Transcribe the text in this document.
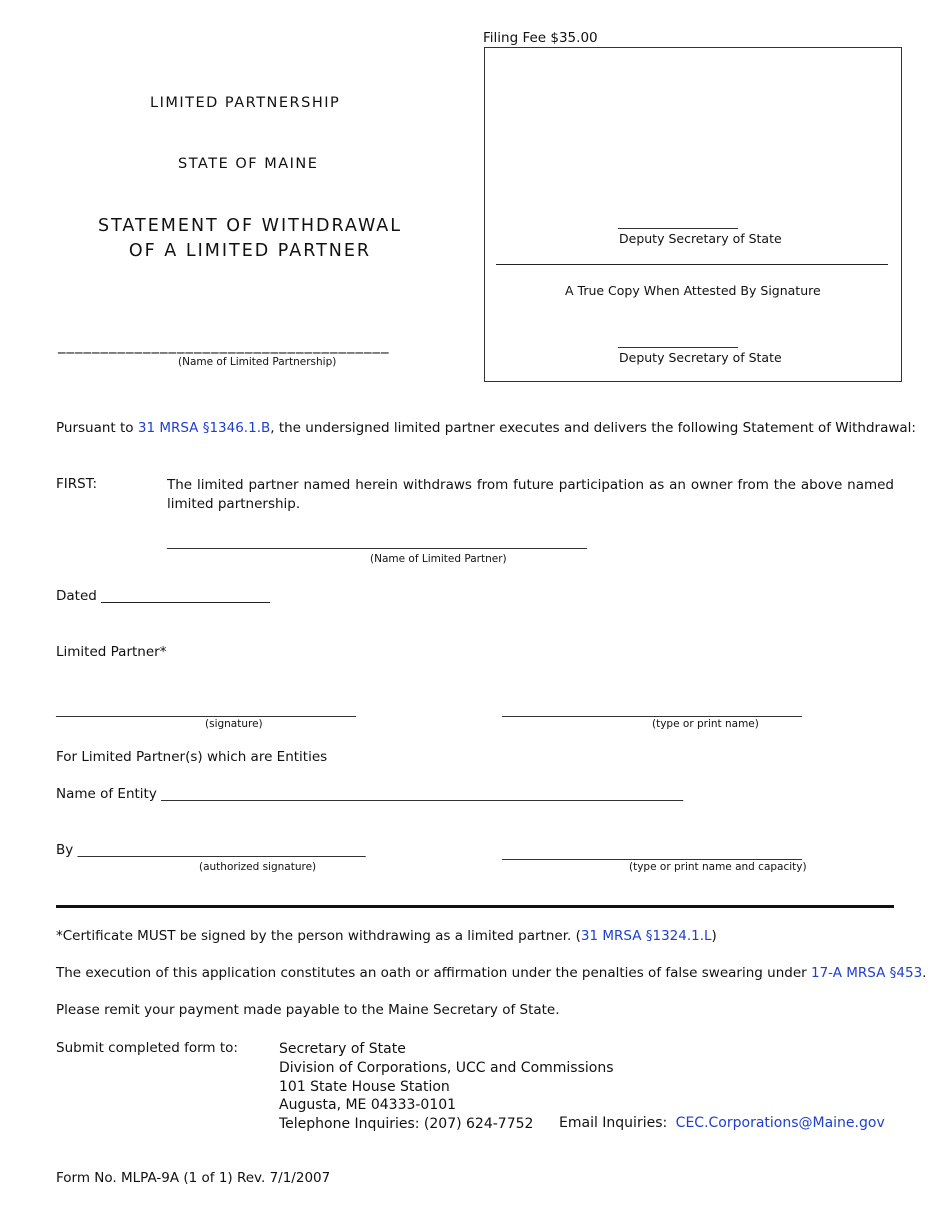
Filing Fee $35.00
LIMITED PARTNERSHIP
STATE OF MAINE
STATEMENT OF WITHDRAWAL
OF A LIMITED PARTNER
_______________________________________
(Name of Limited Partnership)
____________________
Deputy Secretary of State
A True Copy When Attested By Signature
____________________
Deputy Secretary of State
Pursuant to 31 MRSA §1346.1.B, the undersigned limited partner executes and delivers the following Statement of Withdrawal:
FIRST:	The limited partner named herein withdraws from future participation as an owner from the above named limited partnership.
______________________________________________________________________
(Name of Limited Partner)
Dated _________________________
Limited Partner*
__________________________________________________
(signature)
__________________________________________________
(type or print name)
For Limited Partner(s) which are Entities
Name of Entity _______________________________________________________________________________________
By ________________________________________________
(authorized signature)
__________________________________________________
(type or print name and capacity)
*Certificate MUST be signed by the person withdrawing as a limited partner. (31 MRSA §1324.1.L)
The execution of this application constitutes an oath or affirmation under the penalties of false swearing under 17-A MRSA §453.
Please remit your payment made payable to the Maine Secretary of State.
Submit completed form to:	Secretary of State
Division of Corporations, UCC and Commissions
101 State House Station
Augusta, ME 04333-0101
Telephone Inquiries: (207) 624-7752	Email Inquiries: CEC.Corporations@Maine.gov
Form No. MLPA-9A (1 of 1) Rev. 7/1/2007
